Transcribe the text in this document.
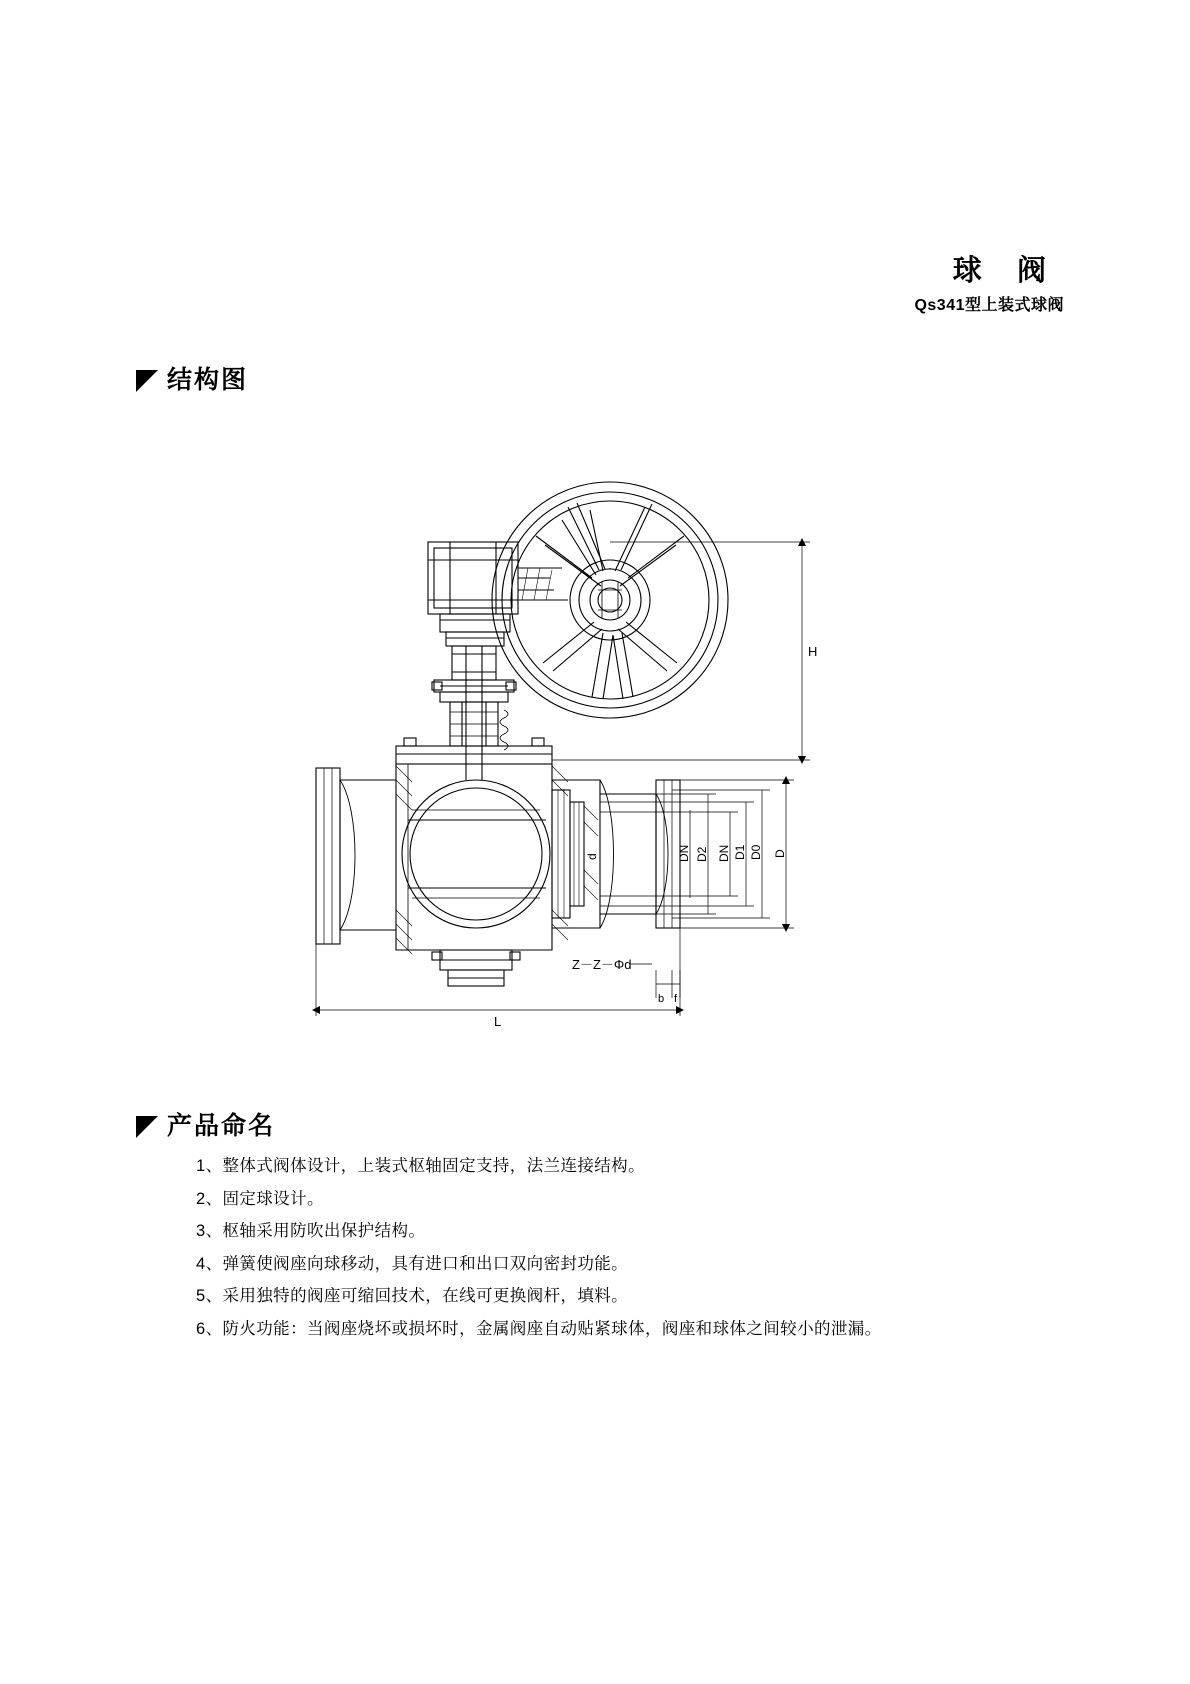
球 阀
Qs341型上装式球阀
结构图
H
L
d	DN D2 DN D1 D0 D
Z－Z－Φd
b f
产品命名
1、整体式阀体设计，上装式枢轴固定支持，法兰连接结构。
2、固定球设计。
3、枢轴采用防吹出保护结构。
4、弹簧使阀座向球移动，具有进口和出口双向密封功能。
5、采用独特的阀座可缩回技术，在线可更换阀杆，填料。
6、防火功能：当阀座烧坏或损坏时，金属阀座自动贴紧球体，阀座和球体之间较小的泄漏。
